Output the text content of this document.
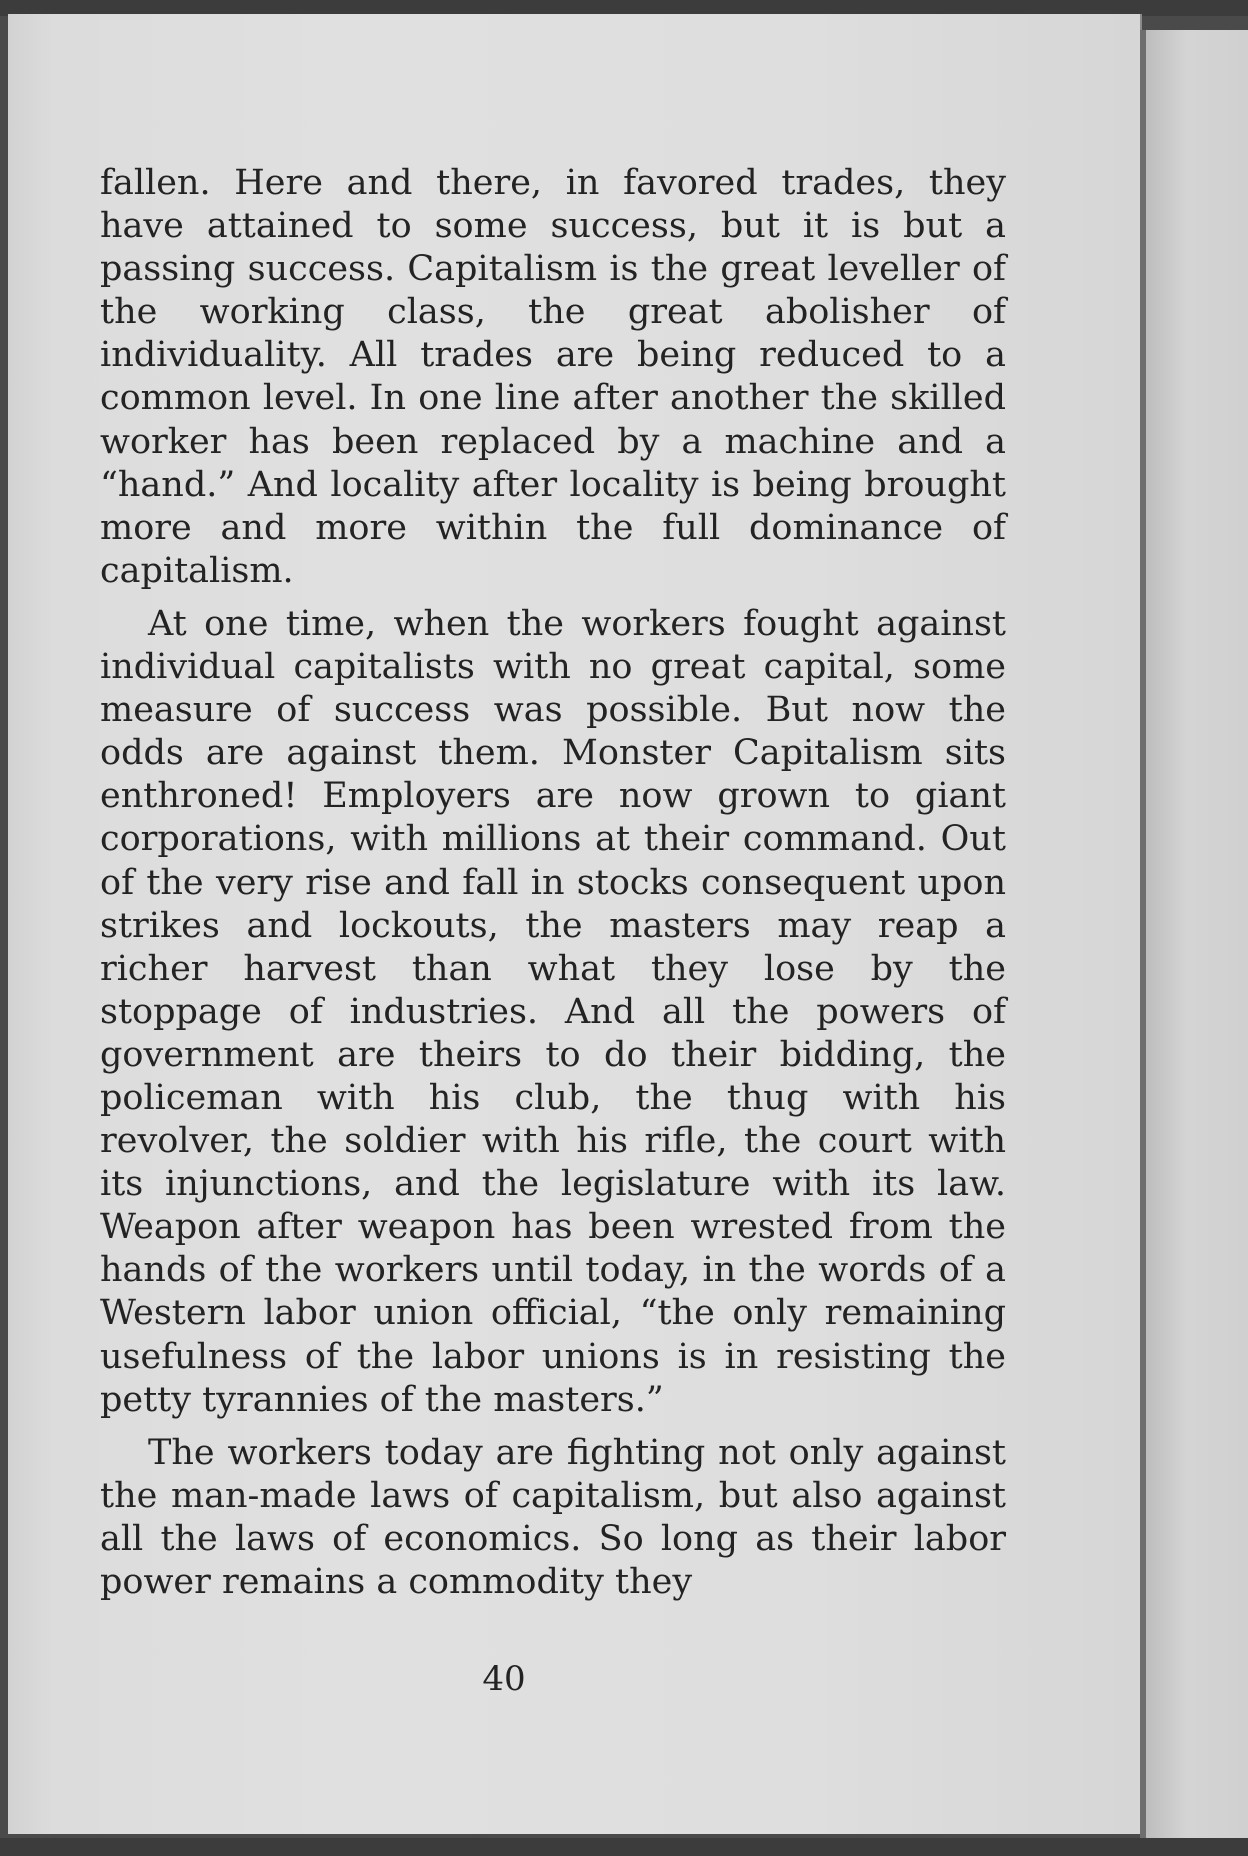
fallen. Here and there, in favored trades, they have attained to some success, but it is but a passing success. Capitalism is the great leveller of the working class, the great abolisher of individuality. All trades are being reduced to a common level. In one line after another the skilled worker has been replaced by a machine and a “hand.” And locality after locality is being brought more and more within the full dominance of capitalism.

At one time, when the workers fought against individual capitalists with no great capital, some measure of success was possible. But now the odds are against them. Monster Capitalism sits enthroned! Employers are now grown to giant corporations, with millions at their command. Out of the very rise and fall in stocks consequent upon strikes and lockouts, the masters may reap a richer harvest than what they lose by the stoppage of industries. And all the powers of government are theirs to do their bidding, the policeman with his club, the thug with his revolver, the soldier with his rifle, the court with its injunctions, and the legislature with its law. Weapon after weapon has been wrested from the hands of the workers until today, in the words of a Western labor union official, “the only remaining usefulness of the labor unions is in resisting the petty tyrannies of the masters.”

The workers today are fighting not only against the man-made laws of capitalism, but also against all the laws of economics. So long as their labor power remains a commodity they

40
